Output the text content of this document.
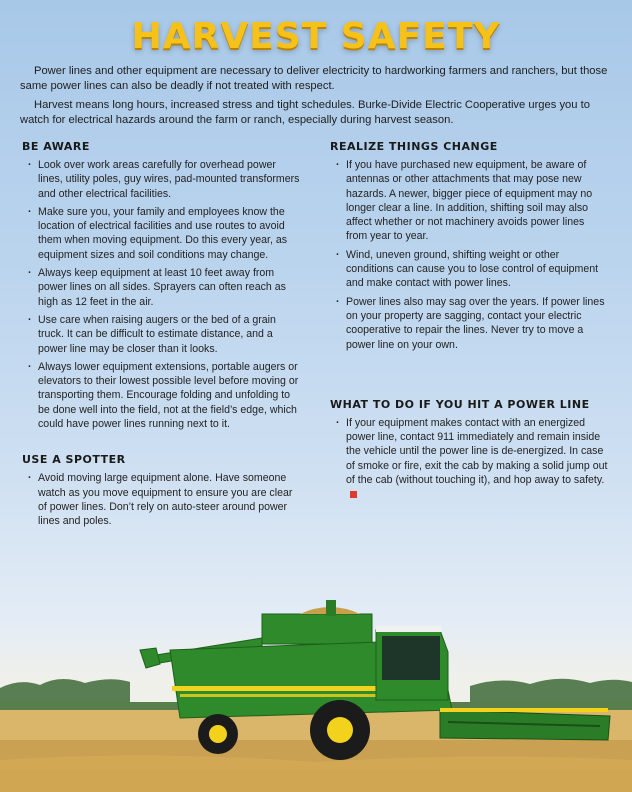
HARVEST SAFETY

Power lines and other equipment are necessary to deliver electricity to hardworking farmers and ranchers, but those same power lines can also be deadly if not treated with respect.

Harvest means long hours, increased stress and tight schedules. Burke-Divide Electric Cooperative urges you to watch for electrical hazards around the farm or ranch, especially during harvest season.

BE AWARE
· Look over work areas carefully for overhead power lines, utility poles, guy wires, pad-mounted transformers and other electrical facilities.
· Make sure you, your family and employees know the location of electrical facilities and use routes to avoid them when moving equipment. Do this every year, as equipment sizes and soil conditions may change.
· Always keep equipment at least 10 feet away from power lines on all sides. Sprayers can often reach as high as 12 feet in the air.
· Use care when raising augers or the bed of a grain truck. It can be difficult to estimate distance, and a power line may be closer than it looks.
· Always lower equipment extensions, portable augers or elevators to their lowest possible level before moving or transporting them. Encourage folding and unfolding to be done well into the field, not at the field’s edge, which could have power lines running next to it.
USE A SPOTTER
· Avoid moving large equipment alone. Have someone watch as you move equipment to ensure you are clear of power lines. Don’t rely on auto-steer around power lines and poles.
REALIZE THINGS CHANGE
· If you have purchased new equipment, be aware of antennas or other attachments that may pose new hazards. A newer, bigger piece of equipment may no longer clear a line. In addition, shifting soil may also affect whether or not machinery avoids power lines from year to year.
· Wind, uneven ground, shifting weight or other conditions can cause you to lose control of equipment and make contact with power lines.
· Power lines also may sag over the years. If power lines on your property are sagging, contact your electric cooperative to repair the lines. Never try to move a power line on your own.
WHAT TO DO IF YOU HIT A POWER LINE
· If your equipment makes contact with an energized power line, contact 911 immediately and remain inside the vehicle until the power line is de-energized. In case of smoke or fire, exit the cab by making a solid jump out of the cab (without touching it), and hop away to safety.
